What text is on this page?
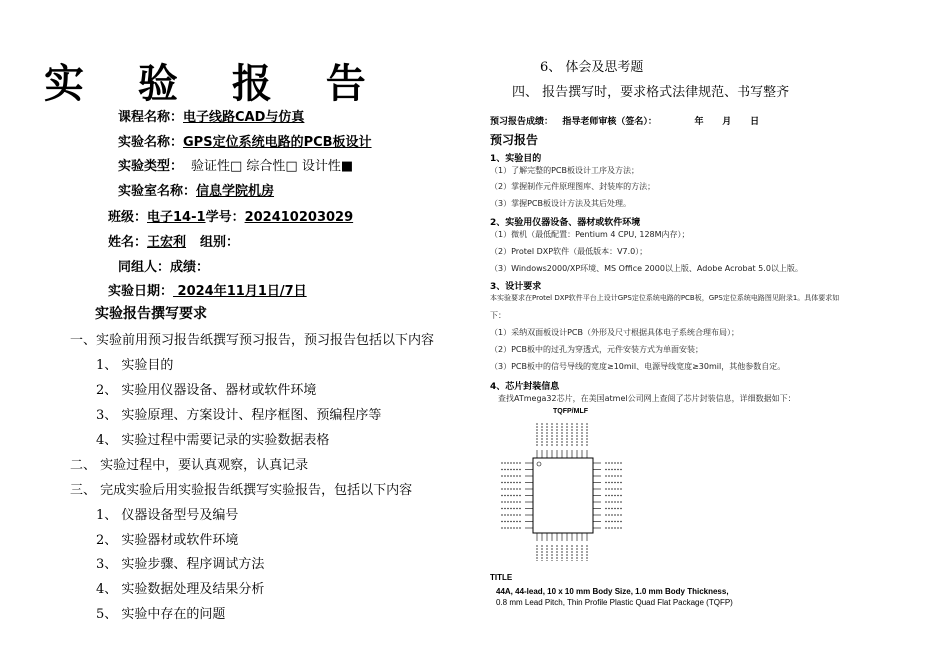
实 验 报 告
课程名称：电子线路CAD与仿真
实验名称：GPS定位系统电路的PCB板设计
实验类型： 验证性□ 综合性□ 设计性■
实验室名称：信息学院机房
班级：电子14-1学号：202410203029
姓名：王宏利 组别：
同组人：成绩：
实验日期： 2024年11月1日/7日
实验报告撰写要求
一、实验前用预习报告纸撰写预习报告，预习报告包括以下内容
1、 实验目的
2、 实验用仪器设备、器材或软件环境
3、 实验原理、方案设计、程序框图、预编程序等
4、 实验过程中需要记录的实验数据表格
二、 实验过程中，要认真观察，认真记录
三、 完成实验后用实验报告纸撰写实验报告，包括以下内容
1、 仪器设备型号及编号
2、 实验器材或软件环境
3、 实验步骤、程序调试方法
4、 实验数据处理及结果分析
5、 实验中存在的问题
6、 体会及思考题
四、 报告撰写时，要求格式法律规范、书写整齐
预习报告成绩：   指导老师审核（签名）：            年      月      日
预习报告
1、实验目的
（1）了解完整的PCB板设计工序及方法；
（2）掌握制作元件原理图库、封装库的方法；
（3）掌握PCB板设计方法及其后处理。
2、实验用仪器设备、器材或软件环境
（1）微机（最低配置：Pentium 4 CPU, 128M内存）；
（2）Protel DXP软件（最低版本：V7.0）；
（3）Windows2000/XP环境、MS Office 2000以上版、Adobe Acrobat 5.0以上版。
3、设计要求
本实验要求在Protel DXP软件平台上设计GPS定位系统电路的PCB板，GPS定位系统电路图见附录1。具体要求如
下：
（1）采纳双面板设计PCB（外形及尺寸根据具体电子系统合理布局）；
（2）PCB板中的过孔为穿透式，元件安装方式为单面安装；
（3）PCB板中的信号导线的宽度≥10mil、电源导线宽度≥30mil，其他参数自定。
4、芯片封装信息
查找ATmega32芯片，在美国atmel公司网上查阅了芯片封装信息，详细数据如下：
TQFP/MLF
TITLE
44A, 44-lead, 10 x 10 mm Body Size, 1.0 mm Body Thickness,
0.8 mm Lead Pitch, Thin Profile Plastic Quad Flat Package (TQFP)
